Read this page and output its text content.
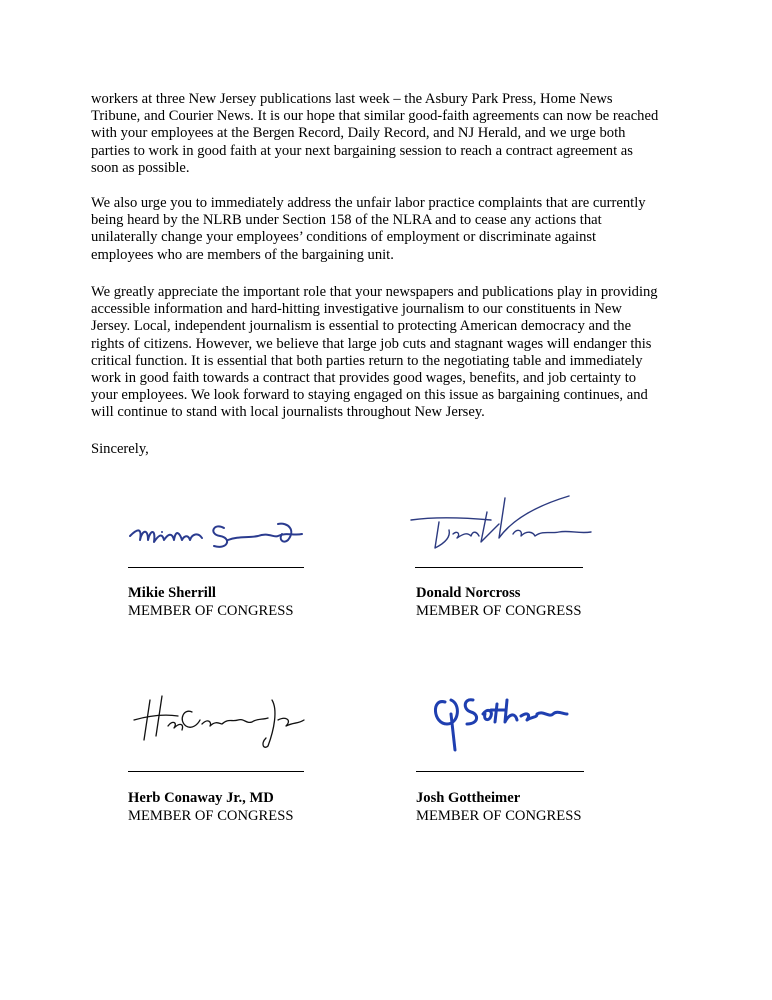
workers at three New Jersey publications last week – the Asbury Park Press, Home News
Tribune, and Courier News. It is our hope that similar good-faith agreements can now be reached
with your employees at the Bergen Record, Daily Record, and NJ Herald, and we urge both
parties to work in good faith at your next bargaining session to reach a contract agreement as
soon as possible.

We also urge you to immediately address the unfair labor practice complaints that are currently
being heard by the NLRB under Section 158 of the NLRA and to cease any actions that
unilaterally change your employees’ conditions of employment or discriminate against
employees who are members of the bargaining unit.

We greatly appreciate the important role that your newspapers and publications play in providing
accessible information and hard-hitting investigative journalism to our constituents in New
Jersey. Local, independent journalism is essential to protecting American democracy and the
rights of citizens. However, we believe that large job cuts and stagnant wages will endanger this
critical function. It is essential that both parties return to the negotiating table and immediately
work in good faith towards a contract that provides good wages, benefits, and job certainty to
your employees. We look forward to staying engaged on this issue as bargaining continues, and
will continue to stand with local journalists throughout New Jersey.

Sincerely,

Mikie Sherrill
MEMBER OF CONGRESS
Donald Norcross
MEMBER OF CONGRESS
Herb Conaway Jr., MD
MEMBER OF CONGRESS
Josh Gottheimer
MEMBER OF CONGRESS
